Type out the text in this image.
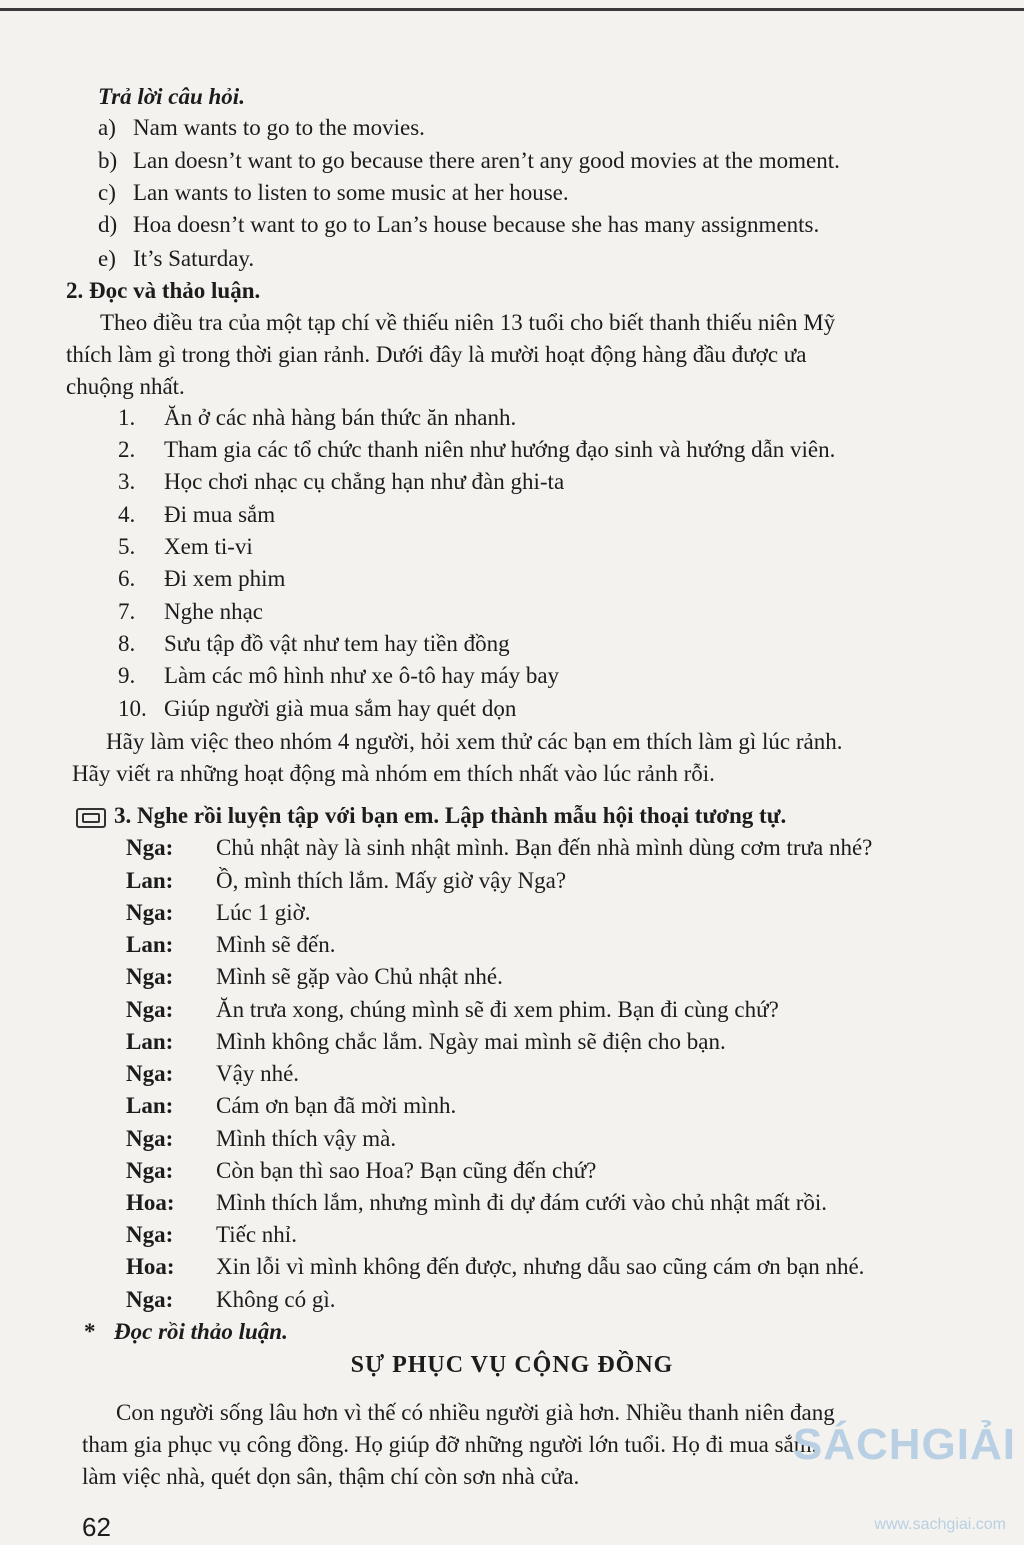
Trả lời câu hỏi.
a) Nam wants to go to the movies.
b) Lan doesn’t want to go because there aren’t any good movies at the moment.
c) Lan wants to listen to some music at her house.
d) Hoa doesn’t want to go to Lan’s house because she has many assignments.
e) It’s Saturday.
2. Đọc và thảo luận.
Theo điều tra của một tạp chí về thiếu niên 13 tuổi cho biết thanh thiếu niên Mỹ
thích làm gì trong thời gian rảnh. Dưới đây là mười hoạt động hàng đầu được ưa
chuộng nhất.
1. Ăn ở các nhà hàng bán thức ăn nhanh.
2. Tham gia các tổ chức thanh niên như hướng đạo sinh và hướng dẫn viên.
3. Học chơi nhạc cụ chẳng hạn như đàn ghi-ta
4. Đi mua sắm
5. Xem ti-vi
6. Đi xem phim
7. Nghe nhạc
8. Sưu tập đồ vật như tem hay tiền đồng
9. Làm các mô hình như xe ô-tô hay máy bay
10. Giúp người già mua sắm hay quét dọn
Hãy làm việc theo nhóm 4 người, hỏi xem thử các bạn em thích làm gì lúc rảnh.
Hãy viết ra những hoạt động mà nhóm em thích nhất vào lúc rảnh rỗi.
3. Nghe rồi luyện tập với bạn em. Lập thành mẫu hội thoại tương tự.
Nga: Chủ nhật này là sinh nhật mình. Bạn đến nhà mình dùng cơm trưa nhé?
Lan: Ồ, mình thích lắm. Mấy giờ vậy Nga?
Nga: Lúc 1 giờ.
Lan: Mình sẽ đến.
Nga: Mình sẽ gặp vào Chủ nhật nhé.
Nga: Ăn trưa xong, chúng mình sẽ đi xem phim. Bạn đi cùng chứ?
Lan: Mình không chắc lắm. Ngày mai mình sẽ điện cho bạn.
Nga: Vậy nhé.
Lan: Cám ơn bạn đã mời mình.
Nga: Mình thích vậy mà.
Nga: Còn bạn thì sao Hoa? Bạn cũng đến chứ?
Hoa: Mình thích lắm, nhưng mình đi dự đám cưới vào chủ nhật mất rồi.
Nga: Tiếc nhỉ.
Hoa: Xin lỗi vì mình không đến được, nhưng dẫu sao cũng cám ơn bạn nhé.
Nga: Không có gì.
* Đọc rồi thảo luận.
SỰ PHỤC VỤ CỘNG ĐỒNG
Con người sống lâu hơn vì thế có nhiều người già hơn. Nhiều thanh niên đang
tham gia phục vụ công đồng. Họ giúp đỡ những người lớn tuổi. Họ đi mua sắm,
làm việc nhà, quét dọn sân, thậm chí còn sơn nhà cửa.
62
SÁCHGIẢI
www.sachgiai.com
